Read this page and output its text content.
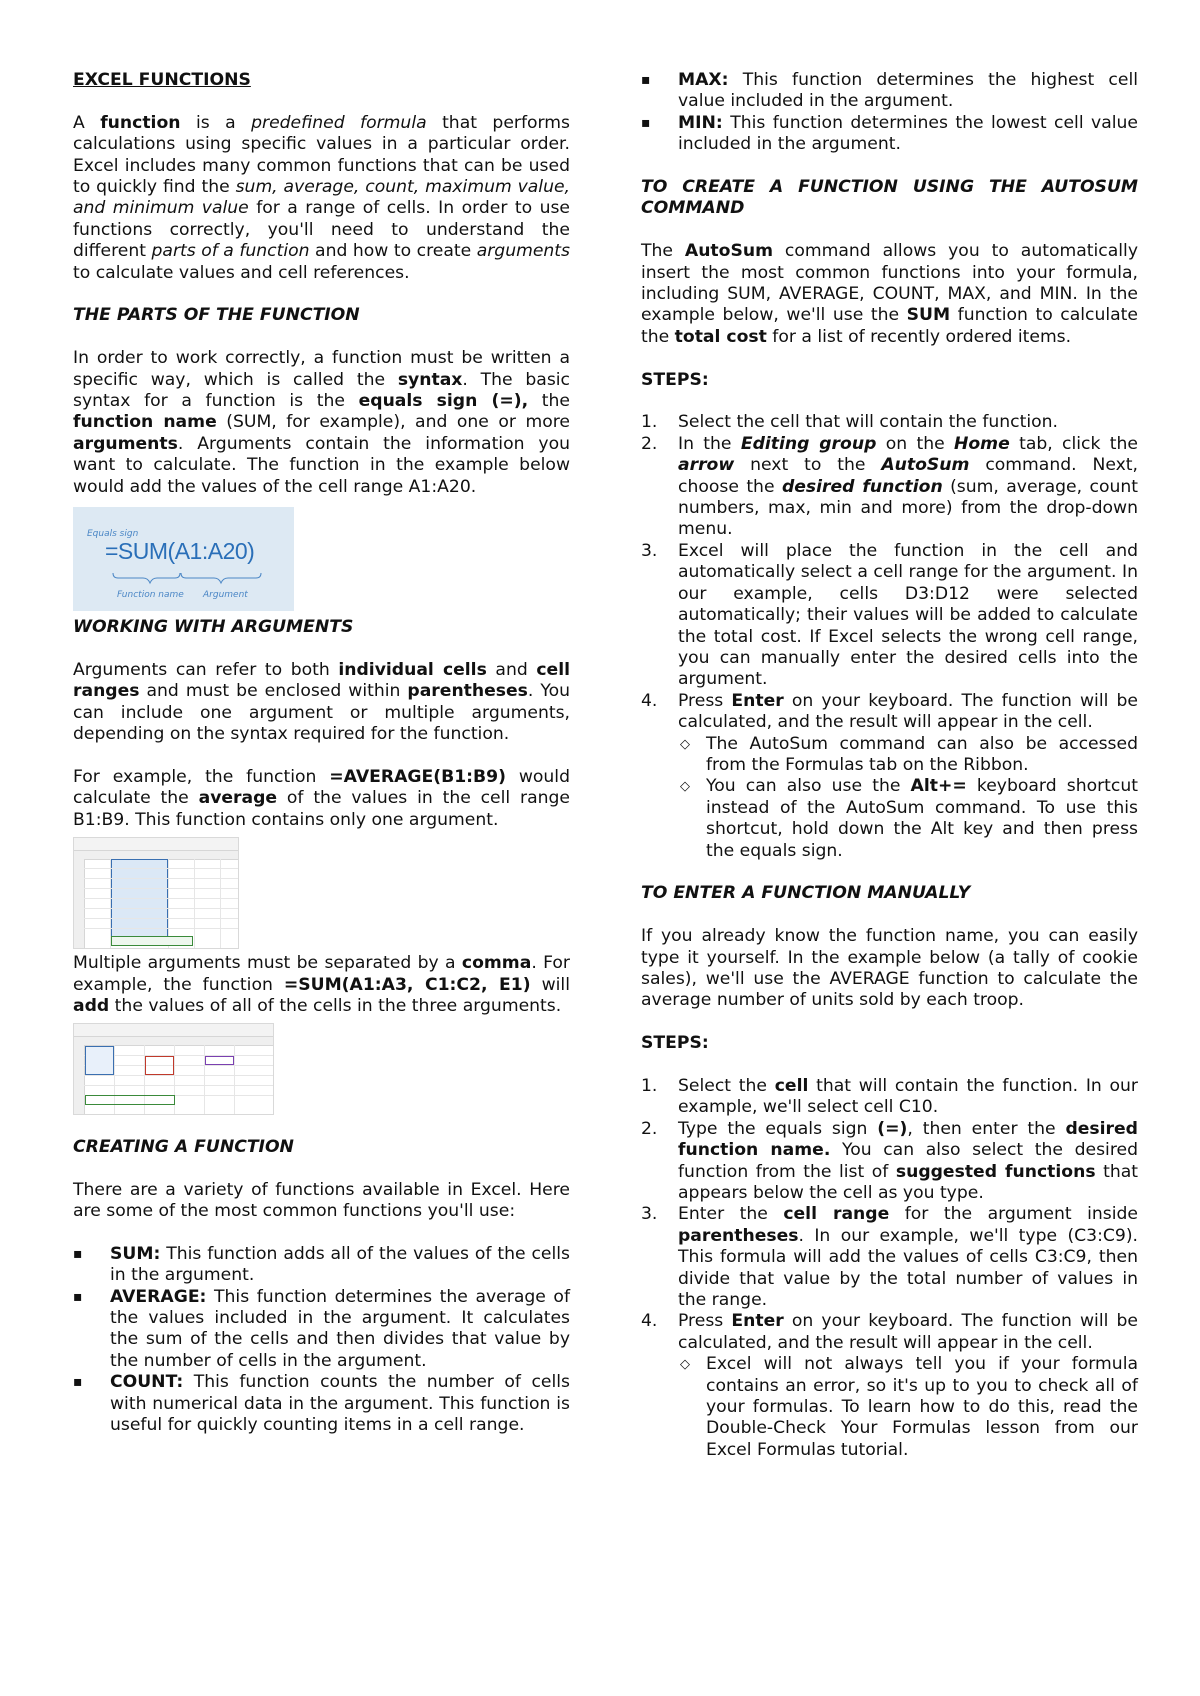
EXCEL FUNCTIONS

A function is a predefined formula that performs calculations using specific values in a particular order. Excel includes many common functions that can be used to quickly find the sum, average, count, maximum value, and minimum value for a range of cells. In order to use functions correctly, you'll need to understand the different parts of a function and how to create arguments to calculate values and cell references.

THE PARTS OF THE FUNCTION

In order to work correctly, a function must be written a specific way, which is called the syntax. The basic syntax for a function is the equals sign (=), the function name (SUM, for example), and one or more arguments. Arguments contain the information you want to calculate. The function in the example below would add the values of the cell range A1:A20.

Equals sign
=SUM(A1:A20)
Function name Argument

WORKING WITH ARGUMENTS

Arguments can refer to both individual cells and cell ranges and must be enclosed within parentheses. You can include one argument or multiple arguments, depending on the syntax required for the function.

For example, the function =AVERAGE(B1:B9) would calculate the average of the values in the cell range B1:B9. This function contains only one argument.

Multiple arguments must be separated by a comma. For example, the function =SUM(A1:A3, C1:C2, E1) will add the values of all of the cells in the three arguments.

CREATING A FUNCTION

There are a variety of functions available in Excel. Here are some of the most common functions you'll use:

▪ SUM: This function adds all of the values of the cells in the argument.
▪ AVERAGE: This function determines the average of the values included in the argument. It calculates the sum of the cells and then divides that value by the number of cells in the argument.
▪ COUNT: This function counts the number of cells with numerical data in the argument. This function is useful for quickly counting items in a cell range.
▪ MAX: This function determines the highest cell value included in the argument.
▪ MIN: This function determines the lowest cell value included in the argument.

TO CREATE A FUNCTION USING THE AUTOSUM COMMAND

The AutoSum command allows you to automatically insert the most common functions into your formula, including SUM, AVERAGE, COUNT, MAX, and MIN. In the example below, we'll use the SUM function to calculate the total cost for a list of recently ordered items.

STEPS:

1. Select the cell that will contain the function.
2. In the Editing group on the Home tab, click the arrow next to the AutoSum command. Next, choose the desired function (sum, average, count numbers, max, min and more) from the drop-down menu.
3. Excel will place the function in the cell and automatically select a cell range for the argument. In our example, cells D3:D12 were selected automatically; their values will be added to calculate the total cost. If Excel selects the wrong cell range, you can manually enter the desired cells into the argument.
4. Press Enter on your keyboard. The function will be calculated, and the result will appear in the cell.
◇ The AutoSum command can also be accessed from the Formulas tab on the Ribbon.
◇ You can also use the Alt+= keyboard shortcut instead of the AutoSum command. To use this shortcut, hold down the Alt key and then press the equals sign.

TO ENTER A FUNCTION MANUALLY

If you already know the function name, you can easily type it yourself. In the example below (a tally of cookie sales), we'll use the AVERAGE function to calculate the average number of units sold by each troop.

STEPS:

1. Select the cell that will contain the function. In our example, we'll select cell C10.
2. Type the equals sign (=), then enter the desired function name. You can also select the desired function from the list of suggested functions that appears below the cell as you type.
3. Enter the cell range for the argument inside parentheses. In our example, we'll type (C3:C9). This formula will add the values of cells C3:C9, then divide that value by the total number of values in the range.
4. Press Enter on your keyboard. The function will be calculated, and the result will appear in the cell.
◇ Excel will not always tell you if your formula contains an error, so it's up to you to check all of your formulas. To learn how to do this, read the Double-Check Your Formulas lesson from our Excel Formulas tutorial.
